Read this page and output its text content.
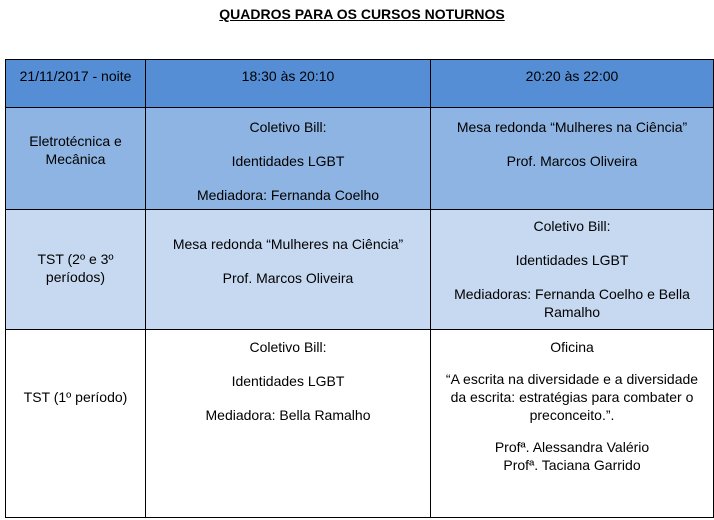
QUADROS PARA OS CURSOS NOTURNOS
21/11/2017 - noite	18:30 às 20:10	20:20 às 22:00

Eletrotécnica e
Mecânica

Coletivo Bill:

Identidades LGBT

Mediadora: Fernanda Coelho

Mesa redonda “Mulheres na Ciência”

Prof. Marcos Oliveira

TST (2º e 3º
períodos)

Mesa redonda “Mulheres na Ciência”

Prof. Marcos Oliveira

Coletivo Bill:

Identidades LGBT

Mediadoras: Fernanda Coelho e Bella
Ramalho

TST (1º período)

Coletivo Bill:

Identidades LGBT

Mediadora: Bella Ramalho

Oficina

“A escrita na diversidade e a diversidade
da escrita: estratégias para combater o
preconceito.”.

Profª. Alessandra Valério
Profª. Taciana Garrido
